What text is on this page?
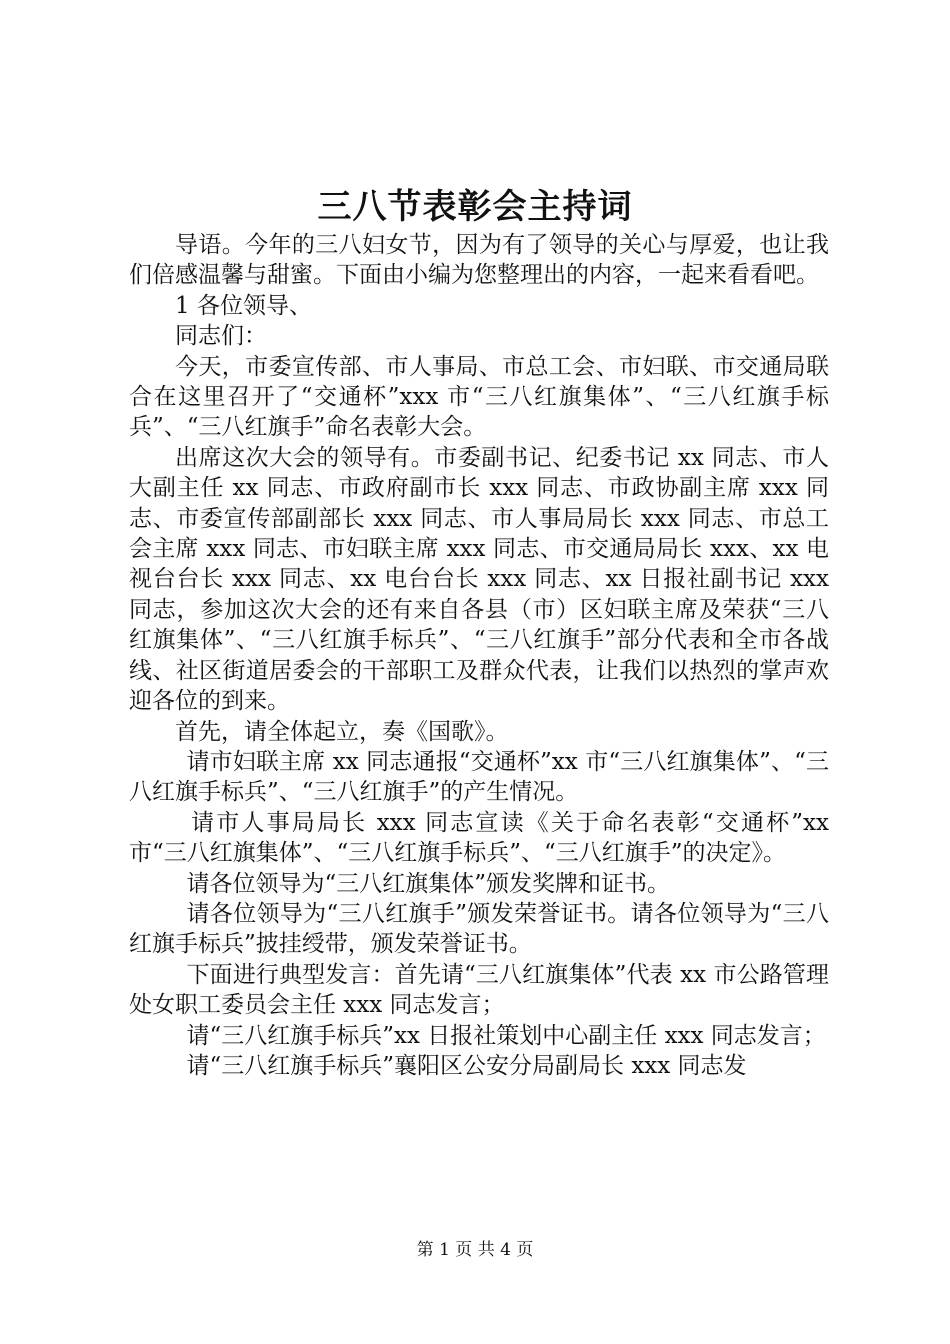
三八节表彰会主持词

导语。今年的三八妇女节，因为有了领导的关心与厚爱，也让我们倍感温馨与甜蜜。下面由小编为您整理出的内容，一起来看看吧。

1 各位领导、

同志们：

今天，市委宣传部、市人事局、市总工会、市妇联、市交通局联合在这里召开了“交通杯”xxx 市“三八红旗集体”、“三八红旗手标兵”、“三八红旗手”命名表彰大会。

出席这次大会的领导有。市委副书记、纪委书记 xx 同志、市人大副主任 xx 同志、市政府副市长 xxx 同志、市政协副主席 xxx 同志、市委宣传部副部长 xxx 同志、市人事局局长 xxx 同志、市总工会主席 xxx 同志、市妇联主席 xxx 同志、市交通局局长 xxx、xx 电视台台长 xxx 同志、xx 电台台长 xxx 同志、xx 日报社副书记 xxx 同志，参加这次大会的还有来自各县（市）区妇联主席及荣获“三八红旗集体”、“三八红旗手标兵”、“三八红旗手”部分代表和全市各战线、社区街道居委会的干部职工及群众代表，让我们以热烈的掌声欢迎各位的到来。

首先，请全体起立，奏《国歌》。

请市妇联主席 xx 同志通报“交通杯”xx 市“三八红旗集体”、“三八红旗手标兵”、“三八红旗手”的产生情况。

请市人事局局长 xxx 同志宣读《关于命名表彰“交通杯”xx 市“三八红旗集体”、“三八红旗手标兵”、“三八红旗手”的决定》。

请各位领导为“三八红旗集体”颁发奖牌和证书。

请各位领导为“三八红旗手”颁发荣誉证书。请各位领导为“三八红旗手标兵”披挂绶带，颁发荣誉证书。

下面进行典型发言：首先请“三八红旗集体”代表 xx 市公路管理处女职工委员会主任 xxx 同志发言；

请“三八红旗手标兵”xx 日报社策划中心副主任 xxx 同志发言；

请“三八红旗手标兵”襄阳区公安分局副局长 xxx 同志发

第 1 页 共 4 页
